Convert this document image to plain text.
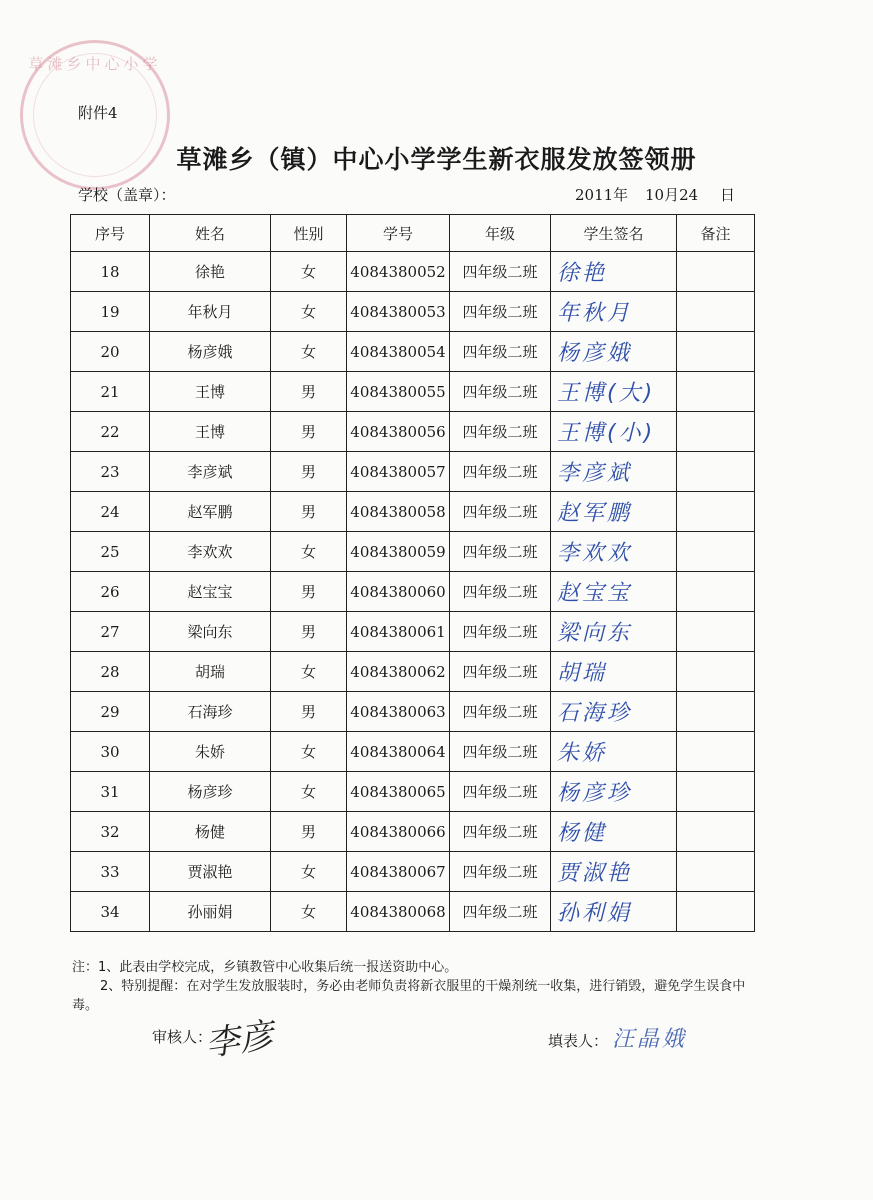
草滩乡中心小学
附件4
草滩乡（镇）中心小学学生新衣服发放签领册
学校（盖章）：	2011年	10月24	日
序号	姓名	性别	学号	年级	学生签名	备注
18	徐艳	女	4084380052	四年级二班	徐艳	
19	年秋月	女	4084380053	四年级二班	年秋月	
20	杨彦娥	女	4084380054	四年级二班	杨彦娥	
21	王博	男	4084380055	四年级二班	王博(大)	
22	王博	男	4084380056	四年级二班	王博(小)	
23	李彦斌	男	4084380057	四年级二班	李彦斌	
24	赵军鹏	男	4084380058	四年级二班	赵军鹏	
25	李欢欢	女	4084380059	四年级二班	李欢欢	
26	赵宝宝	男	4084380060	四年级二班	赵宝宝	
27	梁向东	男	4084380061	四年级二班	梁向东	
28	胡瑞	女	4084380062	四年级二班	胡瑞	
29	石海珍	男	4084380063	四年级二班	石海珍	
30	朱娇	女	4084380064	四年级二班	朱娇	
31	杨彦珍	女	4084380065	四年级二班	杨彦珍	
32	杨健	男	4084380066	四年级二班	杨健	
33	贾淑艳	女	4084380067	四年级二班	贾淑艳	
34	孙丽娟	女	4084380068	四年级二班	孙利娟	

注：1、此表由学校完成，乡镇教管中心收集后统一报送资助中心。

2、特别提醒：在对学生发放服装时，务必由老师负责将新衣服里的干燥剂统一收集，进行销毁，避免学生误食中毒。

审核人：
李彦	填表人： 汪晶娥
